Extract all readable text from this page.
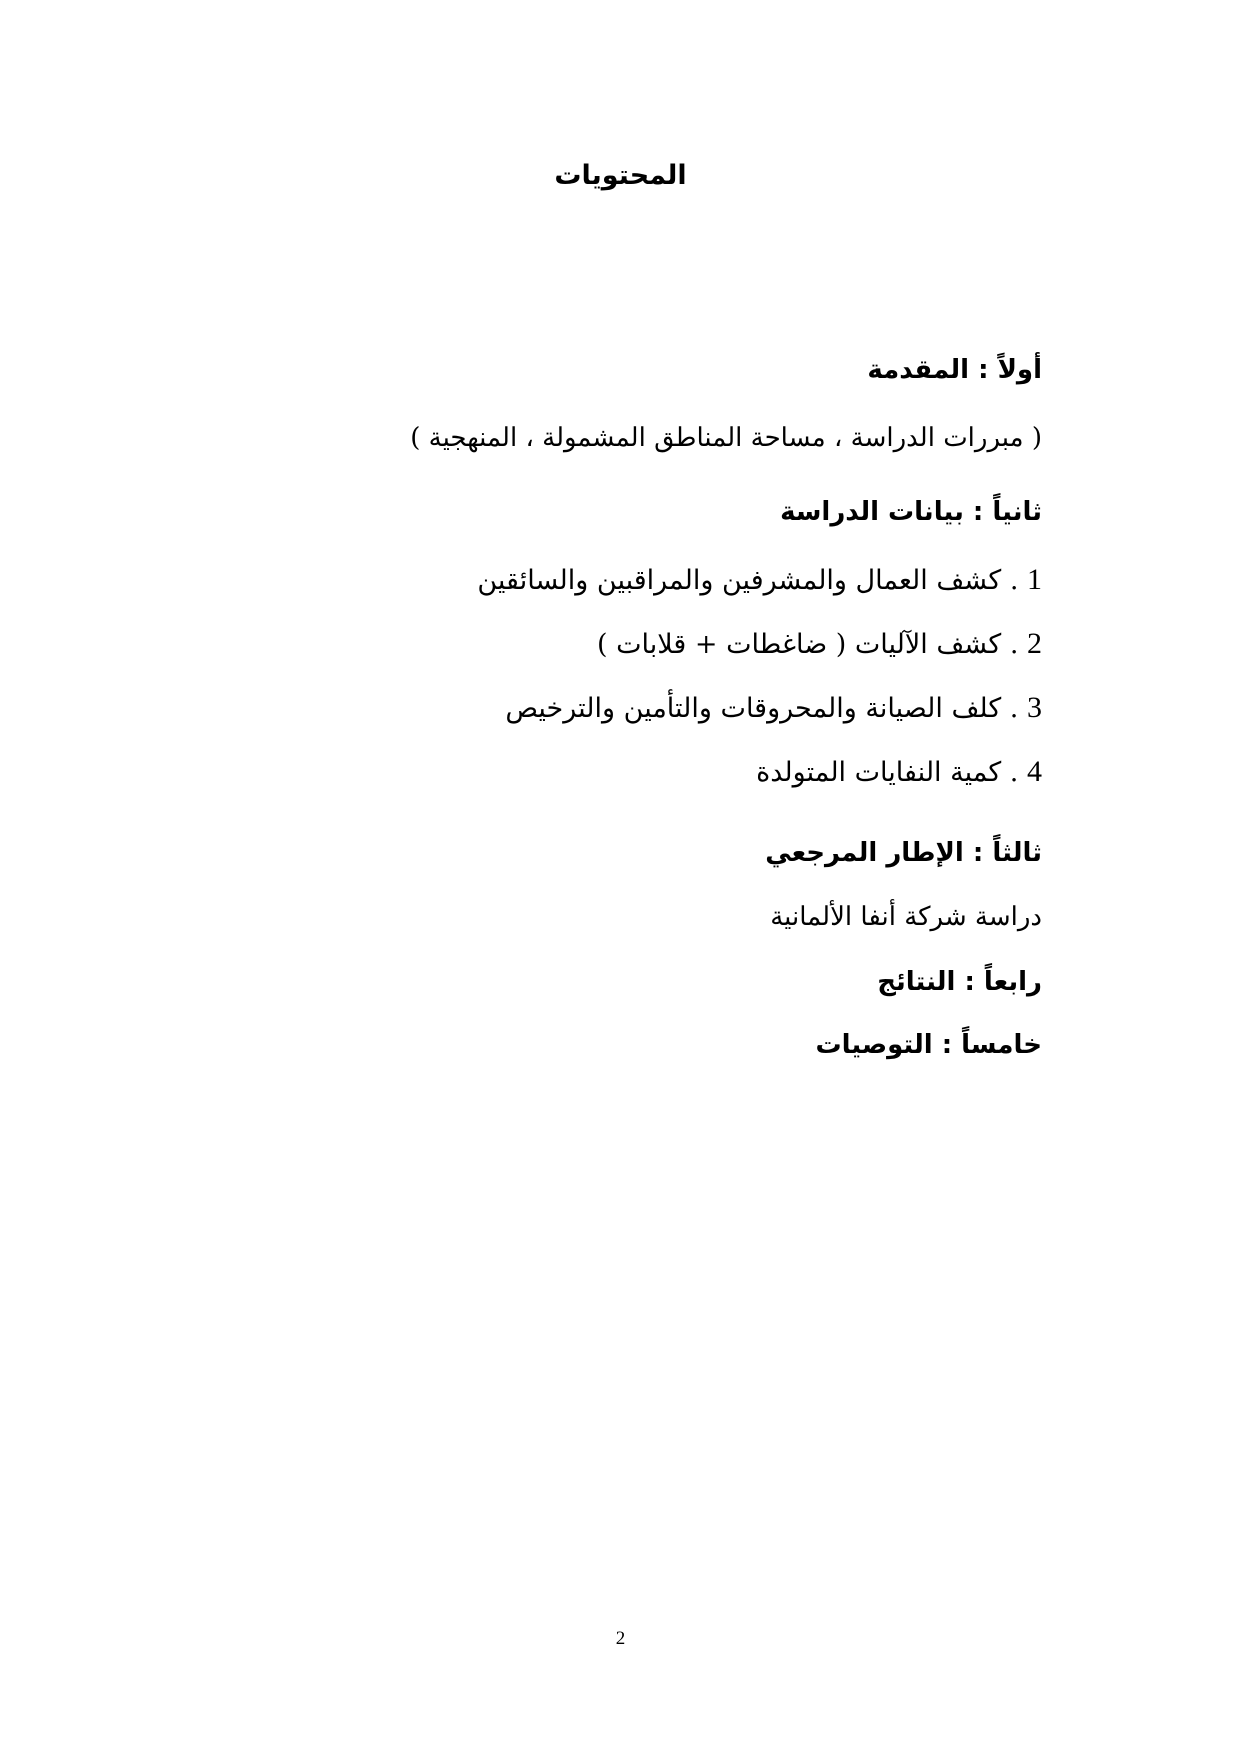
المحتويات
أولاً : المقدمة
( مبررات الدراسة ، مساحة المناطق المشمولة ، المنهجية )
ثانياً : بيانات الدراسة
1 . كشف العمال والمشرفين والمراقبين والسائقين
2 . كشف الآليات ( ضاغطات + قلابات )
3 . كلف الصيانة والمحروقات والتأمين والترخيص
4 . كمية النفايات المتولدة
ثالثاً : الإطار المرجعي
دراسة شركة أنفا الألمانية
رابعاً : النتائج
خامساً : التوصيات
2
